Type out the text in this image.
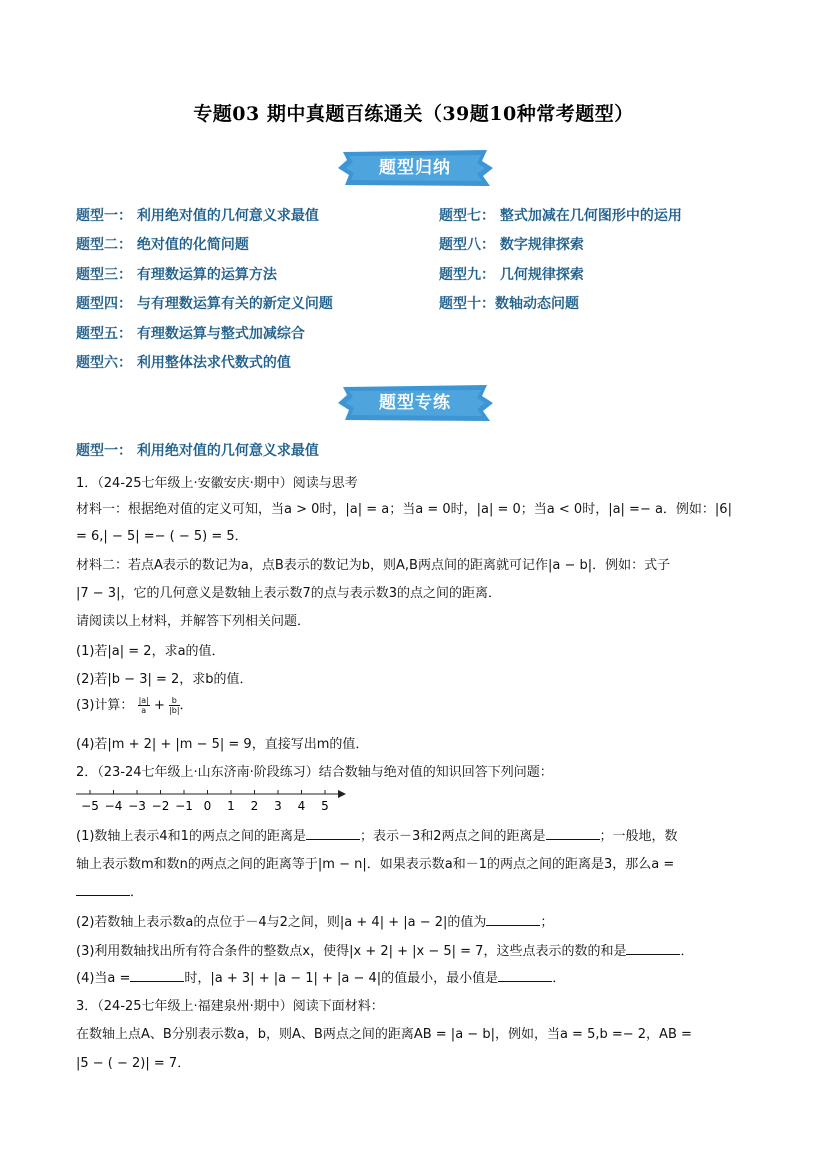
专题03 期中真题百练通关（39题10种常考题型）
题型归纳
题型一： 利用绝对值的几何意义求最值
题型二： 绝对值的化简问题
题型三： 有理数运算的运算方法
题型四： 与有理数运算有关的新定义问题
题型五： 有理数运算与整式加减综合
题型六： 利用整体法求代数式的值
题型七： 整式加减在几何图形中的运用
题型八： 数字规律探索
题型九： 几何规律探索
题型十：数轴动态问题
题型专练
题型一： 利用绝对值的几何意义求最值
1．（24-25七年级上·安徽安庆·期中）阅读与思考
材料一：根据绝对值的定义可知，当a > 0时，|a| = a；当a = 0时，|a| = 0；当a < 0时，|a| =− a．例如：|6|
= 6,| − 5| =− ( − 5) = 5．
材料二：若点A表示的数记为a，点B表示的数记为b，则A,B两点间的距离就可记作|a − b|．例如：式子
|7 − 3|，它的几何意义是数轴上表示数7的点与表示数3的点之间的距离．
请阅读以上材料，并解答下列相关问题．
(1)若|a| = 2，求a的值．
(2)若|b − 3| = 2，求b的值．
(3)计算： $\frac{|a|}{a} + \frac{b}{|b|}$ ．
(4)若|m + 2| + |m − 5| = 9，直接写出m的值．
2．（23-24七年级上·山东济南·阶段练习）结合数轴与绝对值的知识回答下列问题：
−5 −4 −3 −2 −1 0 1 2 3 4 5
(1)数轴上表示4和1的两点之间的距离是	；表示－3和2两点之间的距离是	；一般地，数
轴上表示数m和数n的两点之间的距离等于|m − n|．如果表示数a和－1的两点之间的距离是3，那么a =
．
(2)若数轴上表示数a的点位于－4与2之间，则|a + 4| + |a − 2|的值为	；
(3)利用数轴找出所有符合条件的整数点x，使得|x + 2| + |x − 5| = 7，这些点表示的数的和是	．
(4)当a =	时，|a + 3| + |a − 1| + |a − 4|的值最小，最小值是	．
3．（24-25七年级上·福建泉州·期中）阅读下面材料：
在数轴上点A、B分别表示数a，b，则A、B两点之间的距离AB = |a − b|，例如，当a = 5,b =− 2，AB =
|5 − ( − 2)| = 7．
